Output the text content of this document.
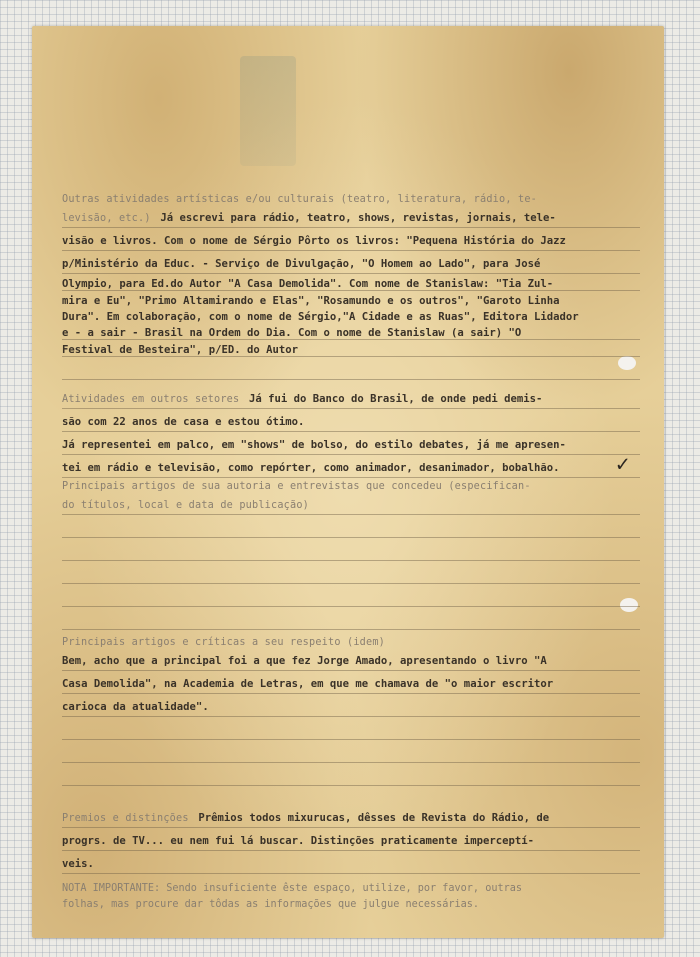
✓
Outras atividades artísticas e/ou culturais (teatro, literatura, rádio, te-
levisão, etc.) Já escrevi para rádio, teatro, shows, revistas, jornais, tele-
visão e livros. Com o nome de Sérgio Pôrto os livros: "Pequena História do Jazz
p/Ministério da Educ. - Serviço de Divulgação, "O Homem ao Lado", para José
Olympio, para Ed.do Autor "A Casa Demolida". Com nome de Stanislaw: "Tia Zul-
mira e Eu", "Primo Altamirando e Elas", "Rosamundo e os outros", "Garoto Linha
Dura". Em colaboração, com o nome de Sérgio,"A Cidade e as Ruas", Editora Lidador
e - a sair - Brasil na Ordem do Dia. Com o nome de Stanislaw (a sair) "O
Festival de Besteira", p/ED. do Autor
Atividades em outros setores Já fui do Banco do Brasil, de onde pedi demis-
são com 22 anos de casa e estou ótimo.
Já representei em palco, em "shows" de bolso, do estilo debates, já me apresen-
tei em rádio e televisão, como repórter, como animador, desanimador, bobalhão.
Principais artigos de sua autoria e entrevistas que concedeu (especifican-
do títulos, local e data de publicação)
Principais artigos e críticas a seu respeito (idem)
Bem, acho que a principal foi a que fez Jorge Amado, apresentando o livro "A
Casa Demolida", na Academia de Letras, em que me chamava de "o maior escritor
carioca da atualidade".
Premios e distinções Prêmios todos mixurucas, dêsses de Revista do Rádio, de
progrs. de TV... eu nem fui lá buscar. Distinções praticamente imperceptí-
veis.
NOTA IMPORTANTE: Sendo insuficiente êste espaço, utilize, por favor, outras
folhas, mas procure dar tôdas as informações que julgue necessárias.
